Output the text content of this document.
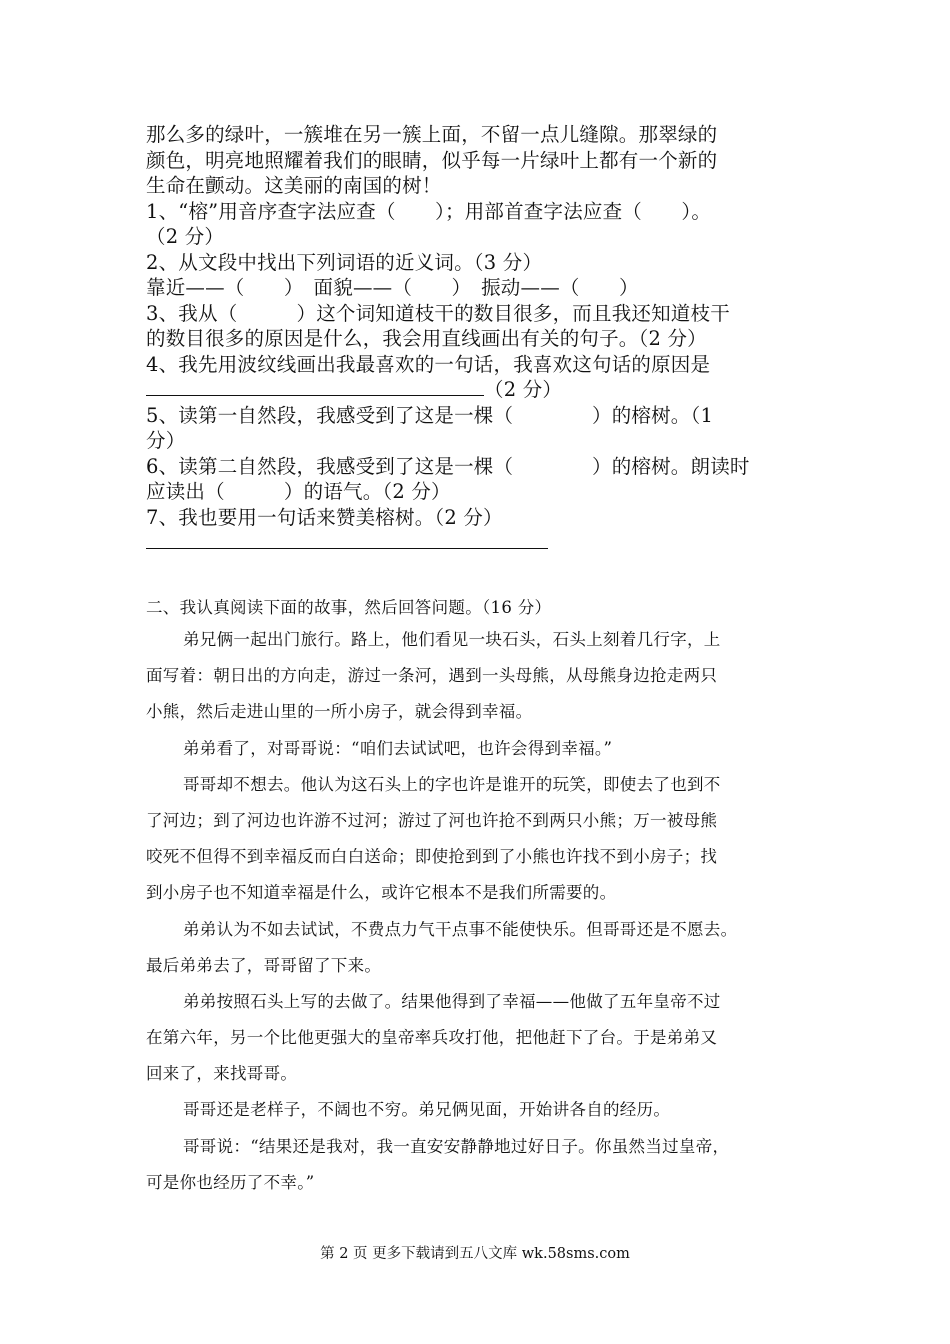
那么多的绿叶，一簇堆在另一簇上面，不留一点儿缝隙。那翠绿的
颜色，明亮地照耀着我们的眼睛，似乎每一片绿叶上都有一个新的
生命在颤动。这美丽的南国的树！
1、“榕”用音序查字法应查（　　）；用部首查字法应查（　　）。
（2 分）
2、从文段中找出下列词语的近义词。（3 分）
靠近——（　　）　面貌——（　　）　振动——（　　）
3、我从（　　　）这个词知道枝干的数目很多，而且我还知道枝干
的数目很多的原因是什么，我会用直线画出有关的句子。（2 分）
4、我先用波纹线画出我最喜欢的一句话，我喜欢这句话的原因是
（2 分）
5、读第一自然段，我感受到了这是一棵（　　　　）的榕树。（1
分）
6、读第二自然段，我感受到了这是一棵（　　　　）的榕树。朗读时
应读出（　　　）的语气。（2 分）
7、我也要用一句话来赞美榕树。（2 分）
二、我认真阅读下面的故事，然后回答问题。（16 分）
弟兄俩一起出门旅行。路上，他们看见一块石头，石头上刻着几行字，上
面写着：朝日出的方向走，游过一条河，遇到一头母熊，从母熊身边抢走两只
小熊，然后走进山里的一所小房子，就会得到幸福。
弟弟看了，对哥哥说：“咱们去试试吧，也许会得到幸福。”
哥哥却不想去。他认为这石头上的字也许是谁开的玩笑，即使去了也到不
了河边；到了河边也许游不过河；游过了河也许抢不到两只小熊；万一被母熊
咬死不但得不到幸福反而白白送命；即使抢到到了小熊也许找不到小房子；找
到小房子也不知道幸福是什么，或许它根本不是我们所需要的。
弟弟认为不如去试试，不费点力气干点事不能使快乐。但哥哥还是不愿去。
最后弟弟去了，哥哥留了下来。
弟弟按照石头上写的去做了。结果他得到了幸福——他做了五年皇帝不过
在第六年，另一个比他更强大的皇帝率兵攻打他，把他赶下了台。于是弟弟又
回来了，来找哥哥。
哥哥还是老样子，不阔也不穷。弟兄俩见面，开始讲各自的经历。
哥哥说：“结果还是我对，我一直安安静静地过好日子。你虽然当过皇帝，
可是你也经历了不幸。”
第 2 页 更多下载请到五八文库 wk.58sms.com
